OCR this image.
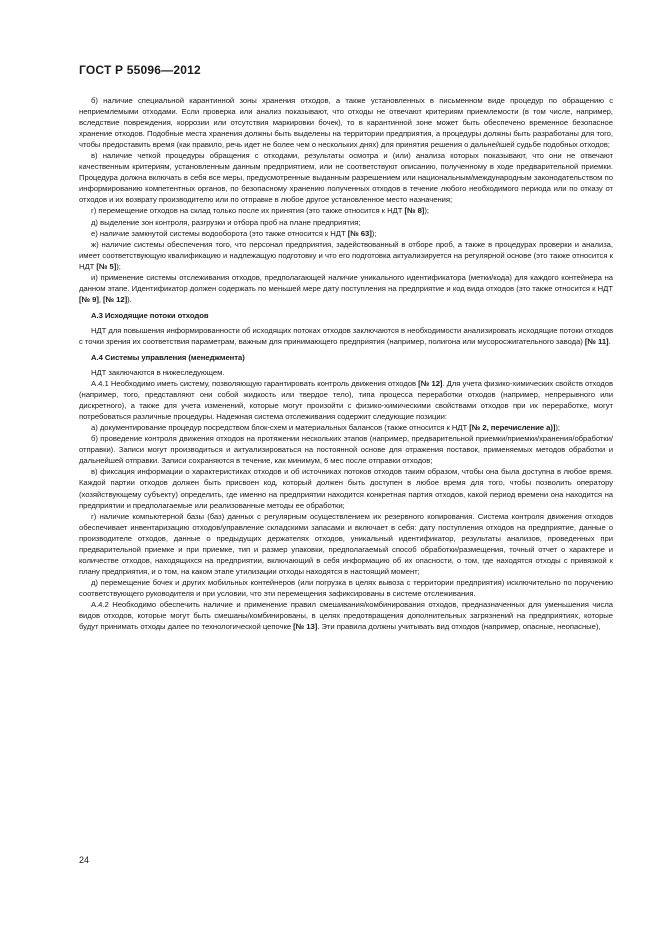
ГОСТ Р 55096—2012

б) наличие специальной карантинной зоны хранения отходов, а также установленных в письменном виде процедур по обращению с неприемлемыми отходами. Если проверка или анализ показывают, что отходы не отвечают критериям приемлемости (в том числе, например, вследствие повреждения, коррозии или отсутствия маркировки бочек), то в карантинной зоне может быть обеспечено временное безопасное хранение отходов. Подобные места хранения должны быть выделены на территории предприятия, а процедуры должны быть разработаны для того, чтобы предоставить время (как правило, речь идет не более чем о нескольких днях) для принятия решения о дальнейшей судьбе подобных отходов;

в) наличие четкой процедуры обращения с отходами, результаты осмотра и (или) анализа которых показывают, что они не отвечают качественным критериям, установленным данным предприятием, или не соответствуют описанию, полученному в ходе предварительной приемки. Процедура должна включать в себя все меры, предусмотренные выданным разрешением или национальным/международным законодательством по информированию компетентных органов, по безопасному хранению полученных отходов в течение любого необходимого периода или по отказу от отходов и их возврату производителю или по отправке в любое другое установленное место назначения;

г) перемещение отходов на склад только после их принятия (это также относится к НДТ [№ 8]);

д) выделение зон контроля, разгрузки и отбора проб на плане предприятия;

е) наличие замкнутой системы водооборота (это также относится к НДТ [№ 63]);

ж) наличие системы обеспечения того, что персонал предприятия, задействованный в отборе проб, а также в процедурах проверки и анализа, имеет соответствующую квалификацию и надлежащую подготовку и что его подготовка актуализируется на регулярной основе (это также относится к НДТ [№ 5]);

и) применение системы отслеживания отходов, предполагающей наличие уникального идентификатора (метки/кода) для каждого контейнера на данном этапе. Идентификатор должен содержать по меньшей мере дату поступления на предприятие и код вида отходов (это также относится к НДТ [№ 9], [№ 12]).

А.3 Исходящие потоки отходов

НДТ для повышения информированности об исходящих потоках отходов заключаются в необходимости анализировать исходящие потоки отходов с точки зрения их соответствия параметрам, важным для принимающего предприятия (например, полигона или мусоросжигательного завода) [№ 11].

А.4 Системы управления (менеджмента)

НДТ заключаются в нижеследующем.

А.4.1 Необходимо иметь систему, позволяющую гарантировать контроль движения отходов [№ 12]. Для учета физико-химических свойств отходов (например, того, представляют они собой жидкость или твердое тело), типа процесса переработки отходов (например, непрерывного или дискретного), а также для учета изменений, которые могут произойти с физико-химическими свойствами отходов при их переработке, могут потребоваться различные процедуры. Надежная система отслеживания содержит следующие позиции:

а) документирование процедур посредством блок-схем и материальных балансов (также относится к НДТ [№ 2, перечисление а)]);

б) проведение контроля движения отходов на протяжении нескольких этапов (например, предварительной приемки/приемки/хранения/обработки/отправки). Записи могут производиться и актуализироваться на постоянной основе для отражения поставок, применяемых методов обработки и дальнейшей отправки. Записи сохраняются в течение, как минимум, 6 мес после отправки отходов;

в) фиксация информации о характеристиках отходов и об источниках потоков отходов таким образом, чтобы она была доступна в любое время. Каждой партии отходов должен быть присвоен код, который должен быть доступен в любое время для того, чтобы позволить оператору (хозяйствующему субъекту) определить, где именно на предприятии находится конкретная партия отходов, какой период времени она находится на предприятии и предполагаемые или реализованные методы ее обработки;

г) наличие компьютерной базы (баз) данных с регулярным осуществлением их резервного копирования. Система контроля движения отходов обеспечивает инвентаризацию отходов/управление складскими запасами и включает в себя: дату поступления отходов на предприятие, данные о производителе отходов, данные о предыдущих держателях отходов, уникальный идентификатор, результаты анализов, проведенных при предварительной приемке и при приемке, тип и размер упаковки, предполагаемый способ обработки/размещения, точный отчет о характере и количестве отходов, находящихся на предприятии, включающий в себя информацию об их опасности, о том, где находятся отходы с привязкой к плану предприятия, и о том, на каком этапе утилизации отходы находятся в настоящий момент;

д) перемещение бочек и других мобильных контейнеров (или погрузка в целях вывоза с территории предприятия) исключительно по поручению соответствующего руководителя и при условии, что эти перемещения зафиксированы в системе отслеживания.

А.4.2 Необходимо обеспечить наличие и применение правил смешивания/комбинирования отходов, предназначенных для уменьшения числа видов отходов, которые могут быть смешаны/комбинированы, в целях предотвращения дополнительных загрязнений на предприятиях, которые будут принимать отходы далее по технологической цепочке [№ 13]. Эти правила должны учитывать вид отходов (например, опасные, неопасные),

24
